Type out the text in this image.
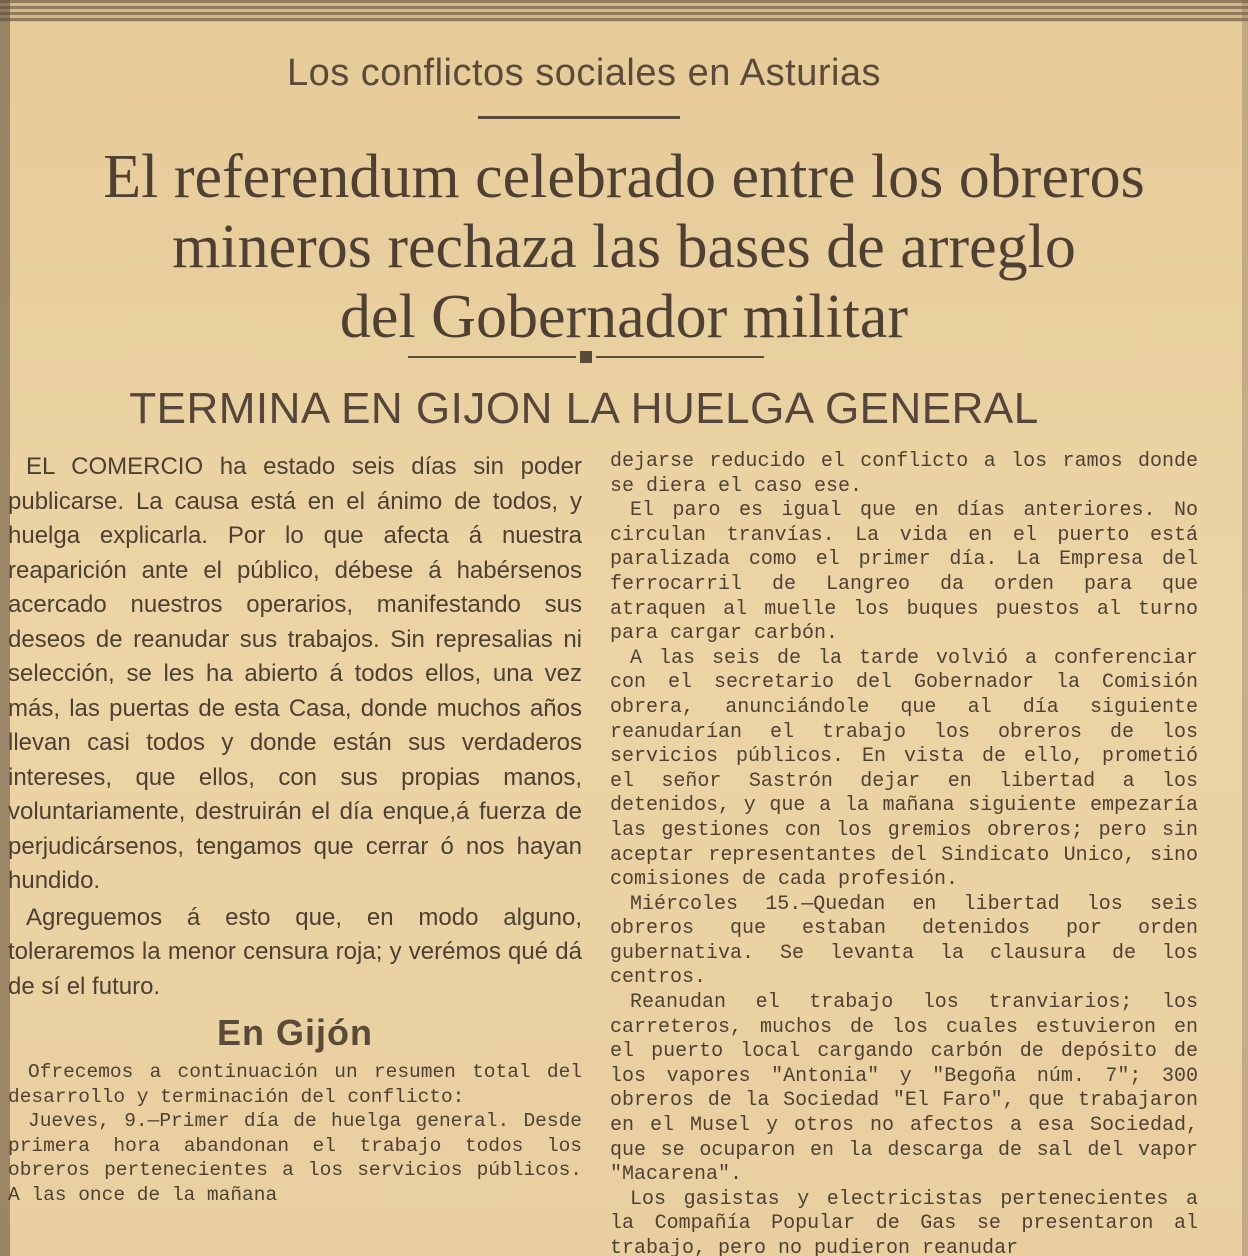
Los conflictos sociales en Asturias
El referendum celebrado entre los obreros
mineros rechaza las bases de arreglo
del Gobernador militar
TERMINA EN GIJON LA HUELGA GENERAL

EL COMERCIO ha estado seis días sin poder publicarse. La causa está en el ánimo de todos, y huelga explicarla. Por lo que afecta á nuestra reaparición ante el público, débese á habérsenos acercado nuestros operarios, manifestando sus deseos de reanudar sus trabajos. Sin represalias ni selección, se les ha abierto á todos ellos, una vez más, las puertas de esta Casa, donde muchos años llevan casi todos y donde están sus verdaderos intereses, que ellos, con sus propias manos, voluntariamente, destruirán el día enque,á fuerza de perjudicársenos, tengamos que cerrar ó nos hayan hundido.

Agreguemos á esto que, en modo alguno, toleraremos la menor censura roja; y verémos qué dá de sí el futuro.

En Gijón

Ofrecemos a continuación un resumen total del desarrollo y terminación del conflicto:

Jueves, 9.—Primer día de huelga general. Desde primera hora abandonan el trabajo todos los obreros pertenecientes a los servicios públicos. A las once de la mañana

dejarse reducido el conflicto a los ramos donde se diera el caso ese.

El paro es igual que en días anteriores. No circulan tranvías. La vida en el puerto está paralizada como el primer día. La Empresa del ferrocarril de Langreo da orden para que atraquen al muelle los buques puestos al turno para cargar carbón.

A las seis de la tarde volvió a conferenciar con el secretario del Gobernador la Comisión obrera, anunciándole que al día siguiente reanudarían el trabajo los obreros de los servicios públicos. En vista de ello, prometió el señor Sastrón dejar en libertad a los detenidos, y que a la mañana siguiente empezaría las gestiones con los gremios obreros; pero sin aceptar representantes del Sindicato Unico, sino comisiones de cada profesión.

Miércoles 15.—Quedan en libertad los seis obreros que estaban detenidos por orden gubernativa. Se levanta la clausura de los centros.

Reanudan el trabajo los tranviarios; los carreteros, muchos de los cuales estuvieron en el puerto local cargando carbón de depósito de los vapores "Antonia" y "Begoña núm. 7"; 300 obreros de la Sociedad "El Faro", que trabajaron en el Musel y otros no afectos a esa Sociedad, que se ocuparon en la descarga de sal del vapor "Macarena".

Los gasistas y electricistas pertenecientes a la Compañía Popular de Gas se presentaron al trabajo, pero no pudieron reanudar
